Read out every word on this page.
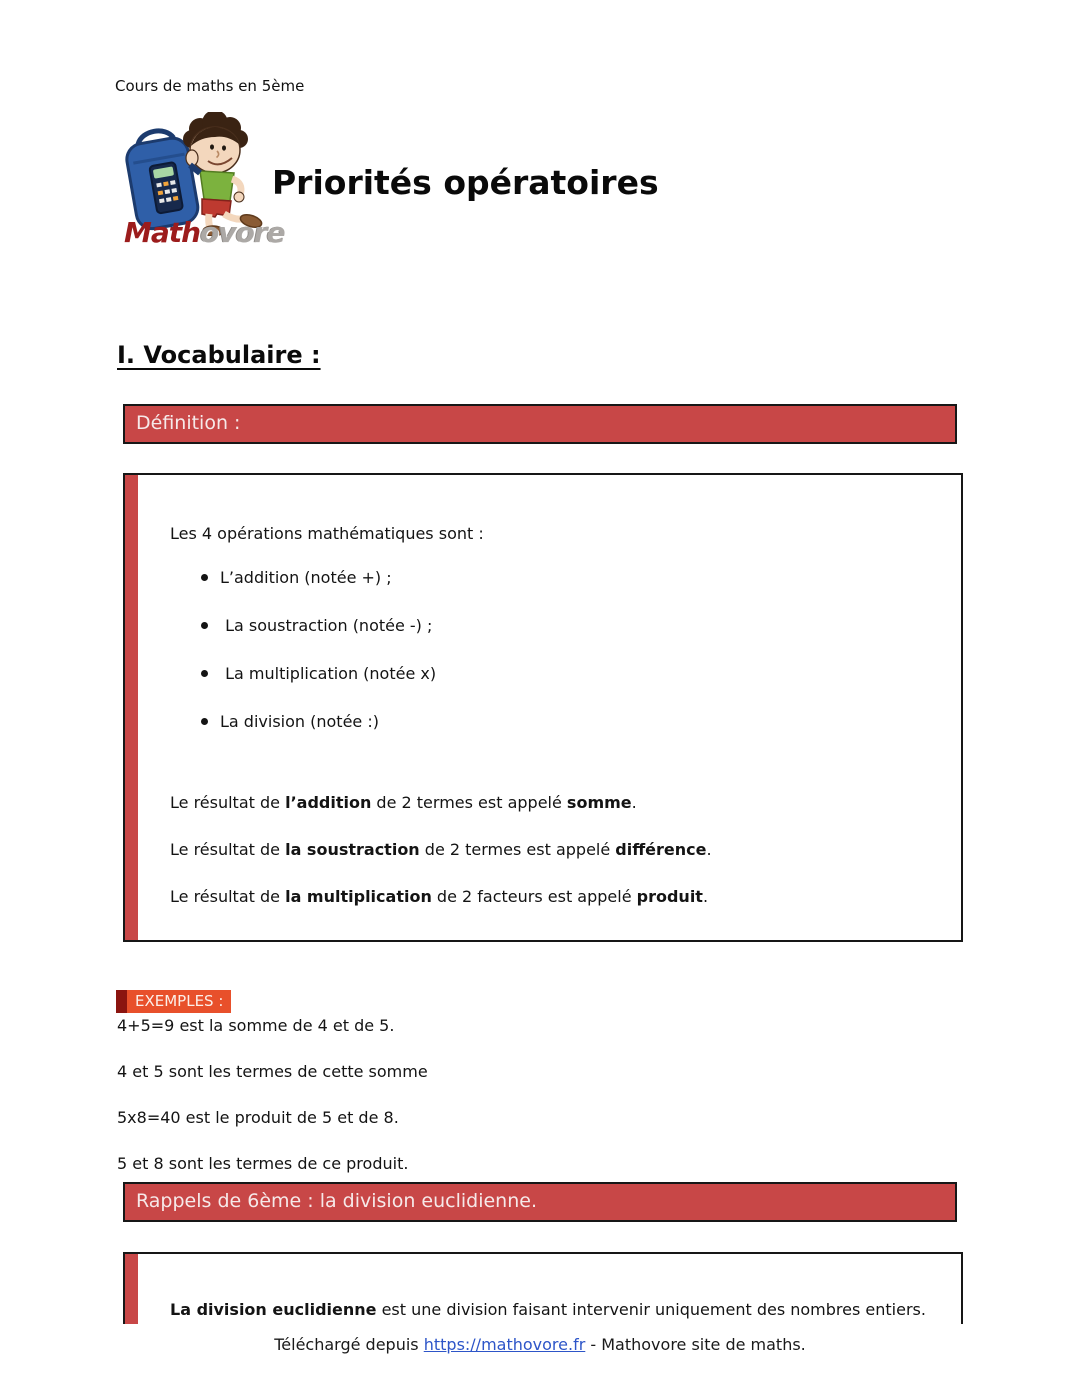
Cours de maths en 5ème
Mathovore
Priorités opératoires
I. Vocabulaire :
Définition :

Les 4 opérations mathématiques sont :

L’addition (notée +) ;
La soustraction (notée -) ;
La multiplication (notée x)
La division (notée :)

Le résultat de l’addition de 2 termes est appelé somme.

Le résultat de la soustraction de 2 termes est appelé différence.

Le résultat de la multiplication de 2 facteurs est appelé produit.

EXEMPLES :

4+5=9 est la somme de 4 et de 5.

4 et 5 sont les termes de cette somme

5x8=40 est le produit de 5 et de 8.

5 et 8 sont les termes de ce produit.

Rappels de 6ème : la division euclidienne.

La division euclidienne est une division faisant intervenir uniquement des nombres entiers.

Téléchargé depuis https://mathovore.fr - Mathovore site de maths.
